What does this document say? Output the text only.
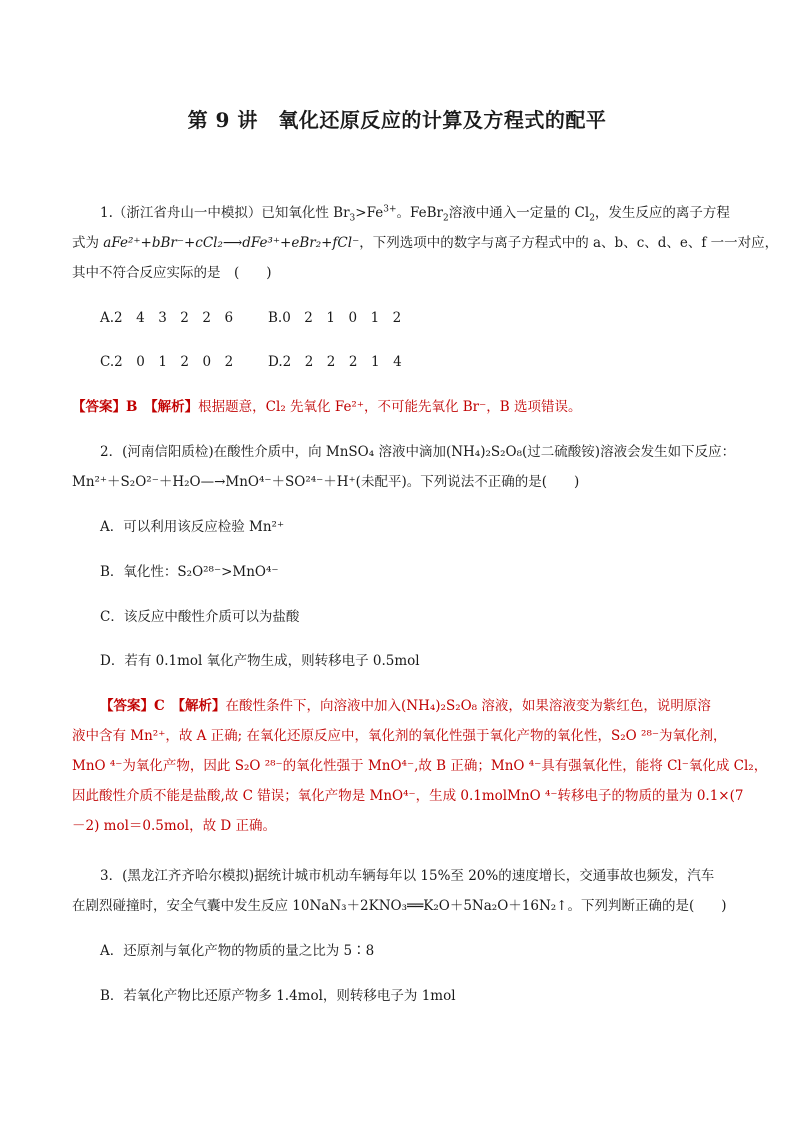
第 9 讲　氧化还原反应的计算及方程式的配平
1.（浙江省舟山一中模拟）已知氧化性 $Br_3>Fe^{3+}$。FeBr$_2$溶液中通入一定量的 $Cl_2$，发生反应的离子方程
式为 aFe²⁺+bBr⁻+cCl₂⟶dFe³⁺+eBr₂+fCl⁻，下列选项中的数字与离子方程式中的 a、b、c、d、e、f 一一对应，
其中不符合反应实际的是　(　　)
A.2　4　3　2　2　6	B.0　2　1　0　1　2
C.2　0　1　2　0　2	D.2　2　2　2　1　4
【答案】B　【解析】根据题意，Cl₂ 先氧化 Fe²⁺，不可能先氧化 Br⁻，B 选项错误。
2．(河南信阳质检)在酸性介质中，向 MnSO₄ 溶液中滴加(NH₄)₂S₂O₈(过二硫酸铵)溶液会发生如下反应：
Mn²⁺＋S₂O²⁻＋H₂O—→MnO⁴⁻＋SO²⁴⁻＋H⁺(未配平)。下列说法不正确的是(　　)
A．可以利用该反应检验 Mn²⁺
B．氧化性：S₂O²⁸⁻>MnO⁴⁻
C．该反应中酸性介质可以为盐酸
D．若有 0.1mol 氧化产物生成，则转移电子 0.5mol
【答案】C　【解析】在酸性条件下，向溶液中加入(NH₄)₂S₂O₈ 溶液，如果溶液变为紫红色，说明原溶
液中含有 Mn²⁺，故 A 正确; 在氧化还原反应中，氧化剂的氧化性强于氧化产物的氧化性，S₂O ²⁸⁻为氧化剂，
MnO ⁴⁻为氧化产物，因此 S₂O ²⁸⁻的氧化性强于 MnO⁴⁻,故 B 正确；MnO ⁴⁻具有强氧化性，能将 Cl⁻氧化成 Cl₂，
因此酸性介质不能是盐酸,故 C 错误；氧化产物是 MnO⁴⁻，生成 0.1molMnO ⁴⁻转移电子的物质的量为 0.1×(7
－2) mol＝0.5mol，故 D 正确。
3．(黑龙江齐齐哈尔模拟)据统计城市机动车辆每年以 15%至 20%的速度增长，交通事故也频发，汽车
在剧烈碰撞时，安全气囊中发生反应 10NaN₃＋2KNO₃══K₂O＋5Na₂O＋16N₂↑。下列判断正确的是(　　)
A．还原剂与氧化产物的物质的量之比为 5∶8
B．若氧化产物比还原产物多 1.4mol，则转移电子为 1mol
